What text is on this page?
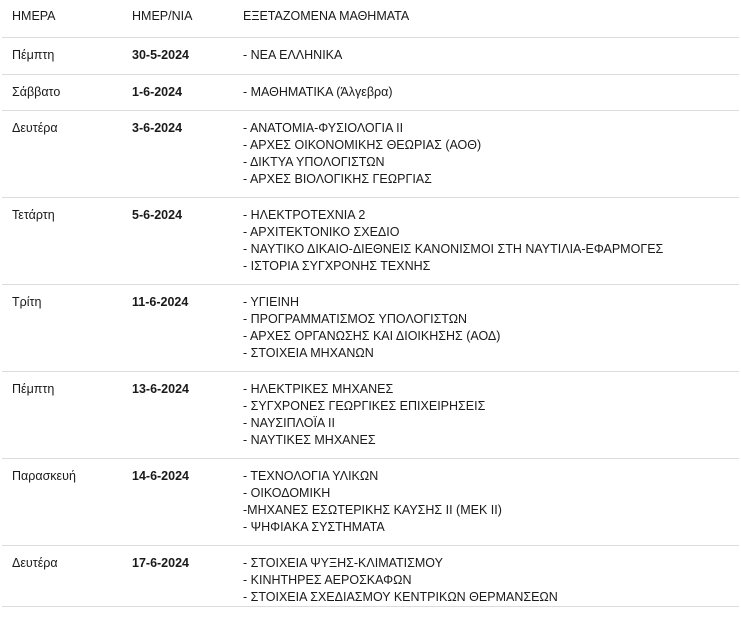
ΗΜΕΡΑ	ΗΜΕΡ/ΝΙΑ	ΕΞΕΤΑΖΟΜΕΝΑ ΜΑΘΗΜΑΤΑ
Πέμπτη	30-5-2024	- ΝΕΑ ΕΛΛΗΝΙΚΑ

Σάββατο	1-6-2024	- ΜΑΘΗΜΑΤΙΚΑ (Άλγεβρα)

Δευτέρα	3-6-2024	- ΑΝΑΤΟΜΙΑ-ΦΥΣΙΟΛΟΓΙΑ ΙΙ
- ΑΡΧΕΣ ΟΙΚΟΝΟΜΙΚΗΣ ΘΕΩΡΙΑΣ (ΑΟΘ)
- ΔΙΚΤΥΑ ΥΠΟΛΟΓΙΣΤΩΝ
- ΑΡΧΕΣ ΒΙΟΛΟΓΙΚΗΣ ΓΕΩΡΓΙΑΣ

Τετάρτη	5-6-2024	- ΗΛΕΚΤΡΟΤΕΧΝΙΑ 2
- ΑΡΧΙΤΕΚΤΟΝΙΚΟ ΣΧΕΔΙΟ
- ΝΑΥΤΙΚΟ ΔΙΚΑΙΟ-ΔΙΕΘΝΕΙΣ ΚΑΝΟΝΙΣΜΟΙ ΣΤΗ ΝΑΥΤΙΛΙΑ-ΕΦΑΡΜΟΓΕΣ
- ΙΣΤΟΡΙΑ ΣΥΓΧΡΟΝΗΣ ΤΕΧΝΗΣ

Τρίτη	11-6-2024	- ΥΓΙΕΙΝΗ
- ΠΡΟΓΡΑΜΜΑΤΙΣΜΟΣ ΥΠΟΛΟΓΙΣΤΩΝ
- ΑΡΧΕΣ ΟΡΓΑΝΩΣΗΣ ΚΑΙ ΔΙΟΙΚΗΣΗΣ (ΑΟΔ)
- ΣΤΟΙΧΕΙΑ ΜΗΧΑΝΩΝ

Πέμπτη	13-6-2024	- ΗΛΕΚΤΡΙΚΕΣ ΜΗΧΑΝΕΣ
- ΣΥΓΧΡΟΝΕΣ ΓΕΩΡΓΙΚΕΣ ΕΠΙΧΕΙΡΗΣΕΙΣ
- ΝΑΥΣΙΠΛΟΪΑ ΙΙ
- ΝΑΥΤΙΚΕΣ ΜΗΧΑΝΕΣ

Παρασκευή	14-6-2024	- ΤΕΧΝΟΛΟΓΙΑ ΥΛΙΚΩΝ
- ΟΙΚΟΔΟΜΙΚΗ
-ΜΗΧΑΝΕΣ ΕΣΩΤΕΡΙΚΗΣ ΚΑΥΣΗΣ ΙΙ (ΜΕΚ ΙΙ)
- ΨΗΦΙΑΚΑ ΣΥΣΤΗΜΑΤΑ

Δευτέρα	17-6-2024	- ΣΤΟΙΧΕΙΑ ΨΥΞΗΣ-ΚΛΙΜΑΤΙΣΜΟΥ
- ΚΙΝΗΤΗΡΕΣ ΑΕΡΟΣΚΑΦΩΝ
- ΣΤΟΙΧΕΙΑ ΣΧΕΔΙΑΣΜΟΥ ΚΕΝΤΡΙΚΩΝ ΘΕΡΜΑΝΣΕΩΝ
